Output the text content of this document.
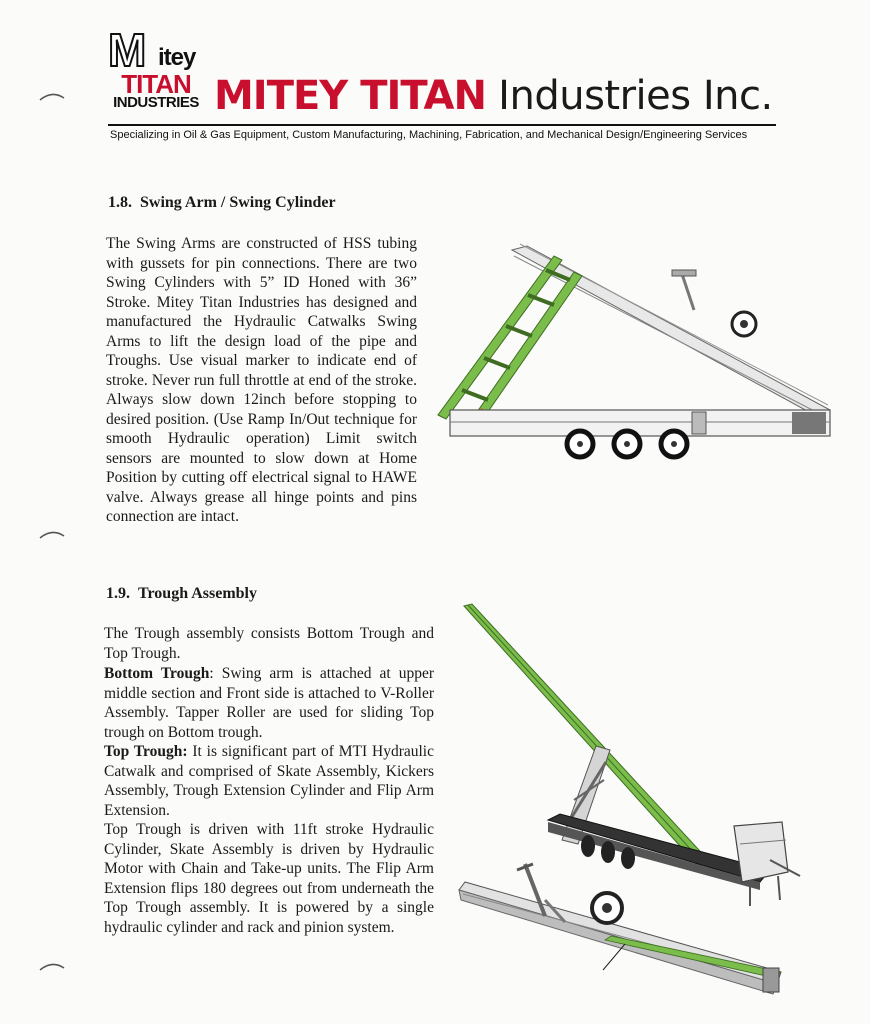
M itey
TITAN
INDUSTRIES MITEY TITAN Industries Inc.
Specializing in Oil & Gas Equipment, Custom Manufacturing, Machining, Fabrication, and Mechanical Design/Engineering Services
1.8.  Swing Arm / Swing Cylinder

The Swing Arms are constructed of HSS tubing with gussets for pin connections. There are two Swing Cylinders with 5” ID Honed with 36” Stroke. Mitey Titan Industries has designed and manufactured the Hydraulic Catwalks Swing Arms to lift the design load of the pipe and Troughs. Use visual marker to indicate end of stroke. Never run full throttle at end of the stroke. Always slow down 12inch before stopping to desired position. (Use Ramp In/Out technique for smooth Hydraulic operation) Limit switch sensors are mounted to slow down at Home Position by cutting off electrical signal to HAWE valve. Always grease all hinge points and pins connection are intact.

1.9.  Trough Assembly

The Trough assembly consists Bottom Trough and Top Trough.

Bottom Trough: Swing arm is attached at upper middle section and Front side is attached to V-Roller Assembly. Tapper Roller are used for sliding Top trough on Bottom trough.

Top Trough: It is significant part of MTI Hydraulic Catwalk and comprised of Skate Assembly, Kickers Assembly, Trough Extension Cylinder and Flip Arm Extension.

Top Trough is driven with 11ft stroke Hydraulic Cylinder, Skate Assembly is driven by Hydraulic Motor with Chain and Take-up units. The Flip Arm Extension flips 180 degrees out from underneath the Top Trough assembly. It is powered by a single hydraulic cylinder and rack and pinion system.
